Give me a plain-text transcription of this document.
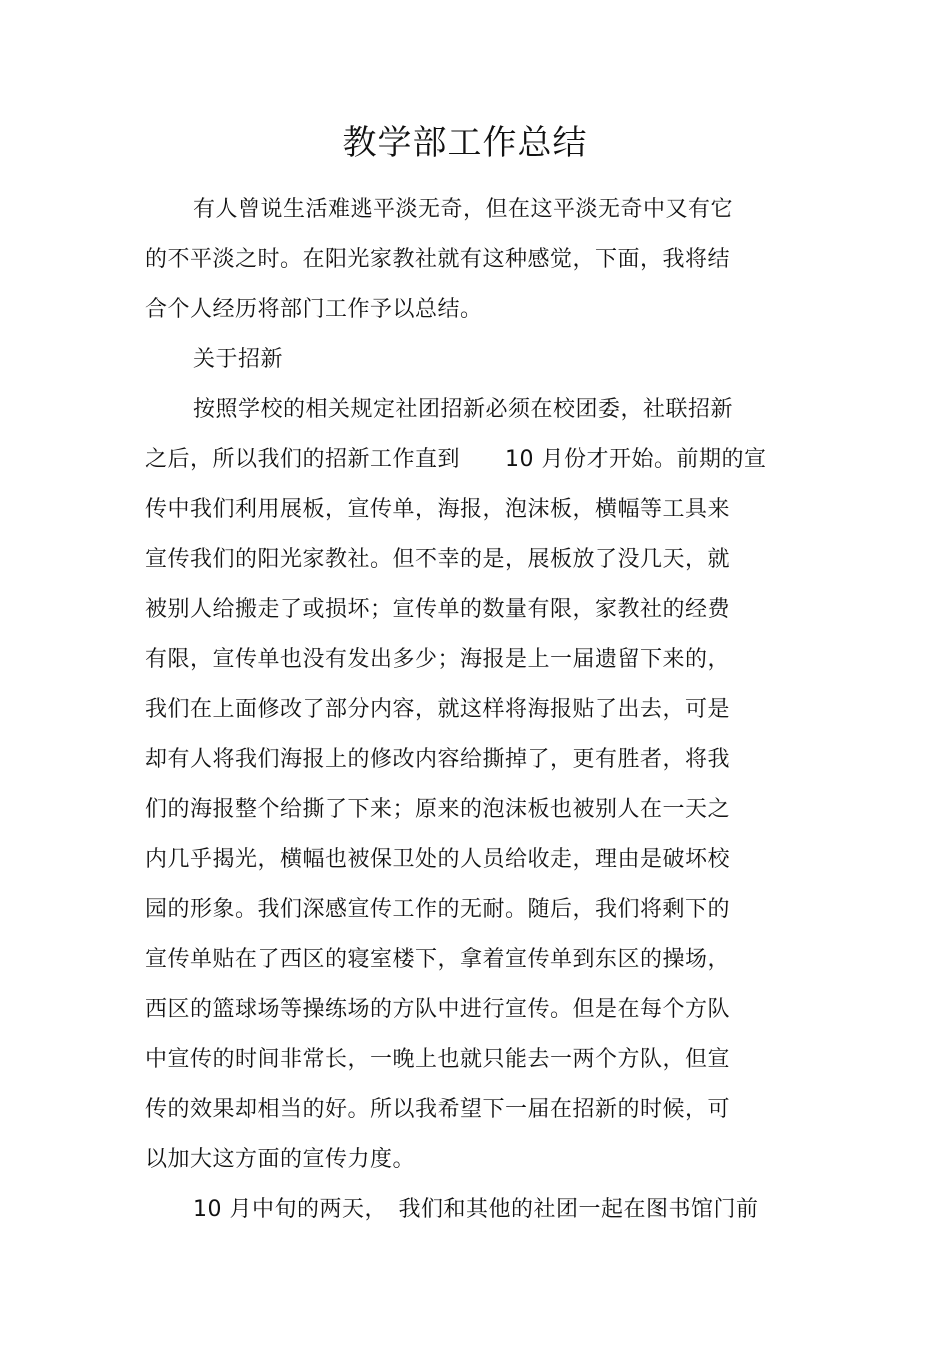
教学部工作总结
有人曾说生活难逃平淡无奇，但在这平淡无奇中又有它
的不平淡之时。在阳光家教社就有这种感觉，下面，我将结
合个人经历将部门工作予以总结。
关于招新
按照学校的相关规定社团招新必须在校团委，社联招新
之后，所以我们的招新工作直到　　10 月份才开始。前期的宣
传中我们利用展板，宣传单，海报，泡沫板，横幅等工具来
宣传我们的阳光家教社。但不幸的是，展板放了没几天，就
被别人给搬走了或损坏；宣传单的数量有限，家教社的经费
有限，宣传单也没有发出多少；海报是上一届遗留下来的，
我们在上面修改了部分内容，就这样将海报贴了出去，可是
却有人将我们海报上的修改内容给撕掉了，更有胜者，将我
们的海报整个给撕了下来；原来的泡沫板也被别人在一天之
内几乎揭光，横幅也被保卫处的人员给收走，理由是破坏校
园的形象。我们深感宣传工作的无耐。随后，我们将剩下的
宣传单贴在了西区的寝室楼下，拿着宣传单到东区的操场，
西区的篮球场等操练场的方队中进行宣传。但是在每个方队
中宣传的时间非常长，一晚上也就只能去一两个方队，但宣
传的效果却相当的好。所以我希望下一届在招新的时候，可
以加大这方面的宣传力度。
10 月中旬的两天，　我们和其他的社团一起在图书馆门前
